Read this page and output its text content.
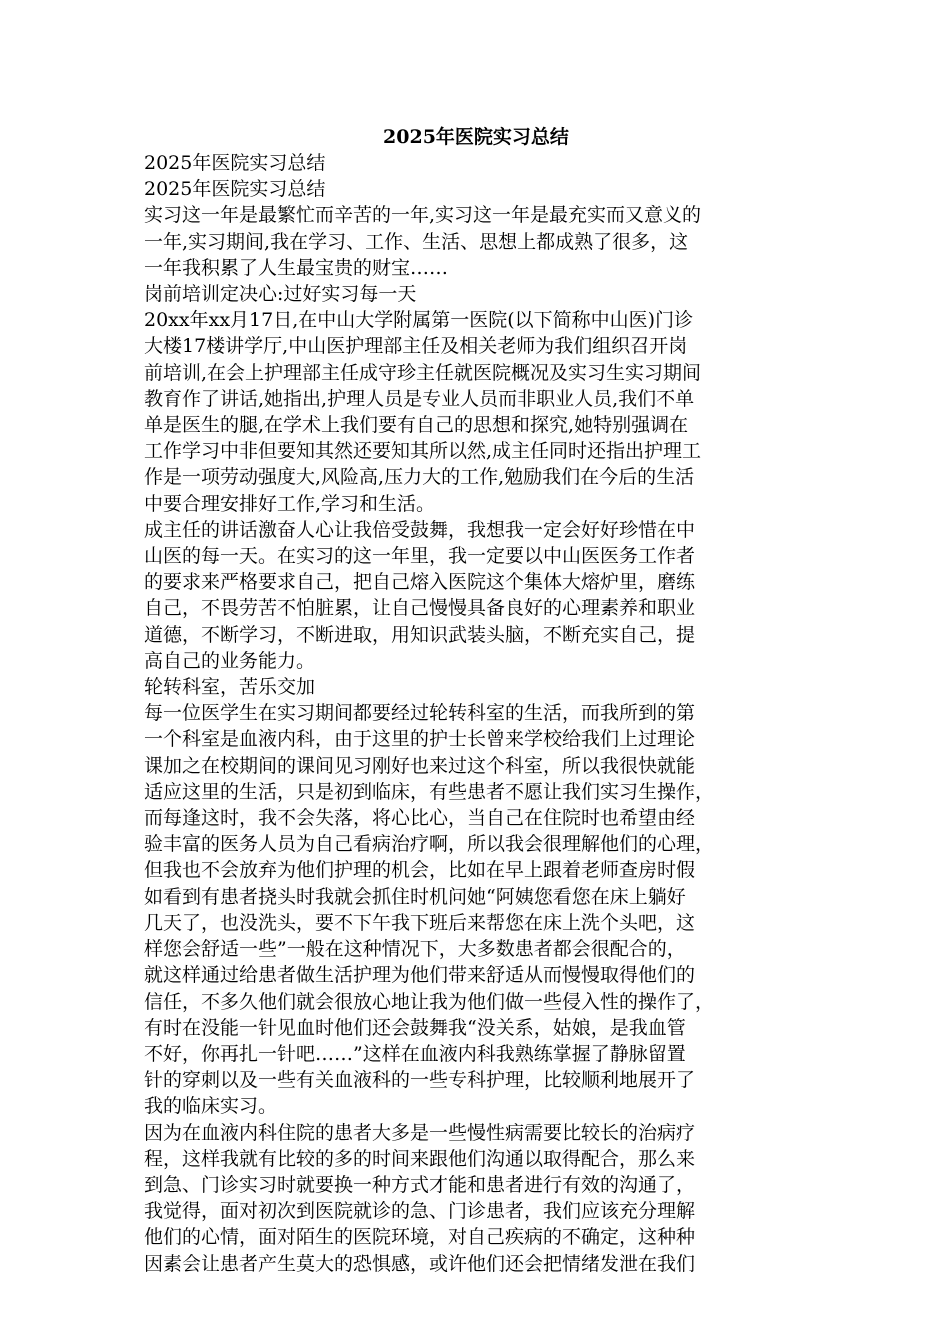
2025年医院实习总结
2025年医院实习总结
2025年医院实习总结
实习这一年是最繁忙而辛苦的一年,实习这一年是最充实而又意义的
一年,实习期间,我在学习、工作、生活、思想上都成熟了很多，这
一年我积累了人生最宝贵的财宝……
岗前培训定决心:过好实习每一天
20xx年xx月17日,在中山大学附属第一医院(以下简称中山医)门诊
大楼17楼讲学厅,中山医护理部主任及相关老师为我们组织召开岗
前培训,在会上护理部主任成守珍主任就医院概况及实习生实习期间
教育作了讲话,她指出,护理人员是专业人员而非职业人员,我们不单
单是医生的腿,在学术上我们要有自己的思想和探究,她特别强调在
工作学习中非但要知其然还要知其所以然,成主任同时还指出护理工
作是一项劳动强度大,风险高,压力大的工作,勉励我们在今后的生活
中要合理安排好工作,学习和生活。
成主任的讲话激奋人心让我倍受鼓舞，我想我一定会好好珍惜在中
山医的每一天。在实习的这一年里，我一定要以中山医医务工作者
的要求来严格要求自己，把自己熔入医院这个集体大熔炉里，磨练
自己，不畏劳苦不怕脏累，让自己慢慢具备良好的心理素养和职业
道德，不断学习，不断进取，用知识武装头脑，不断充实自己，提
高自己的业务能力。
轮转科室，苦乐交加
每一位医学生在实习期间都要经过轮转科室的生活，而我所到的第
一个科室是血液内科，由于这里的护士长曾来学校给我们上过理论
课加之在校期间的课间见习刚好也来过这个科室，所以我很快就能
适应这里的生活，只是初到临床，有些患者不愿让我们实习生操作，
而每逢这时，我不会失落，将心比心，当自己在住院时也希望由经
验丰富的医务人员为自己看病治疗啊，所以我会很理解他们的心理，
但我也不会放弃为他们护理的机会，比如在早上跟着老师查房时假
如看到有患者挠头时我就会抓住时机问她“阿姨您看您在床上躺好
几天了，也没洗头，要不下午我下班后来帮您在床上洗个头吧，这
样您会舒适一些”一般在这种情况下，大多数患者都会很配合的，
就这样通过给患者做生活护理为他们带来舒适从而慢慢取得他们的
信任，不多久他们就会很放心地让我为他们做一些侵入性的操作了，
有时在没能一针见血时他们还会鼓舞我“没关系，姑娘，是我血管
不好，你再扎一针吧……”这样在血液内科我熟练掌握了静脉留置
针的穿刺以及一些有关血液科的一些专科护理，比较顺利地展开了
我的临床实习。
因为在血液内科住院的患者大多是一些慢性病需要比较长的治病疗
程，这样我就有比较的多的时间来跟他们沟通以取得配合，那么来
到急、门诊实习时就要换一种方式才能和患者进行有效的沟通了，
我觉得，面对初次到医院就诊的急、门诊患者，我们应该充分理解
他们的心情，面对陌生的医院环境，对自己疾病的不确定，这种种
因素会让患者产生莫大的恐惧感，或许他们还会把情绪发泄在我们
